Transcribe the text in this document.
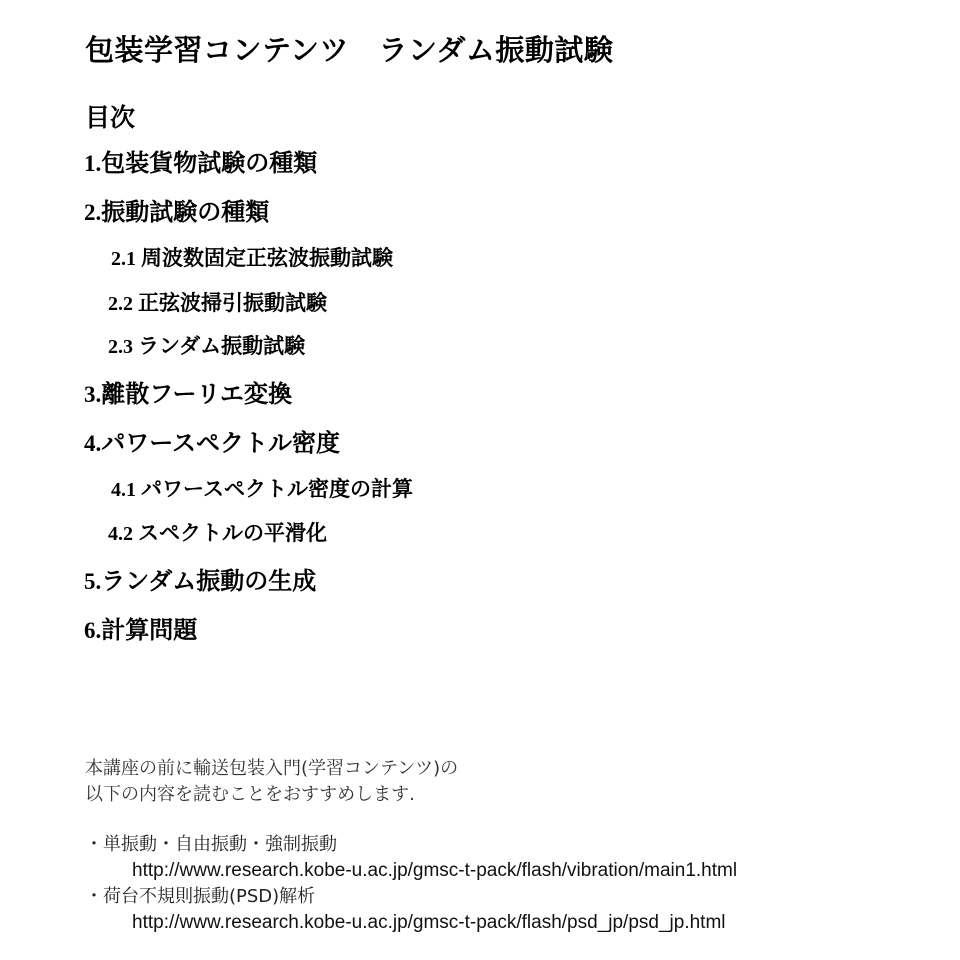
包装学習コンテンツ　ランダム振動試験
目次
1.包装貨物試験の種類
2.振動試験の種類
2.1 周波数固定正弦波振動試験
2.2 正弦波掃引振動試験
2.3 ランダム振動試験
3.離散フーリエ変換
4.パワースペクトル密度
4.1 パワースペクトル密度の計算
4.2 スペクトルの平滑化
5.ランダム振動の生成
6.計算問題
本講座の前に輸送包装入門(学習コンテンツ)の
以下の内容を読むことをおすすめします.
・単振動・自由振動・強制振動
http://www.research.kobe-u.ac.jp/gmsc-t-pack/flash/vibration/main1.html
・荷台不規則振動(PSD)解析
http://www.research.kobe-u.ac.jp/gmsc-t-pack/flash/psd_jp/psd_jp.html
